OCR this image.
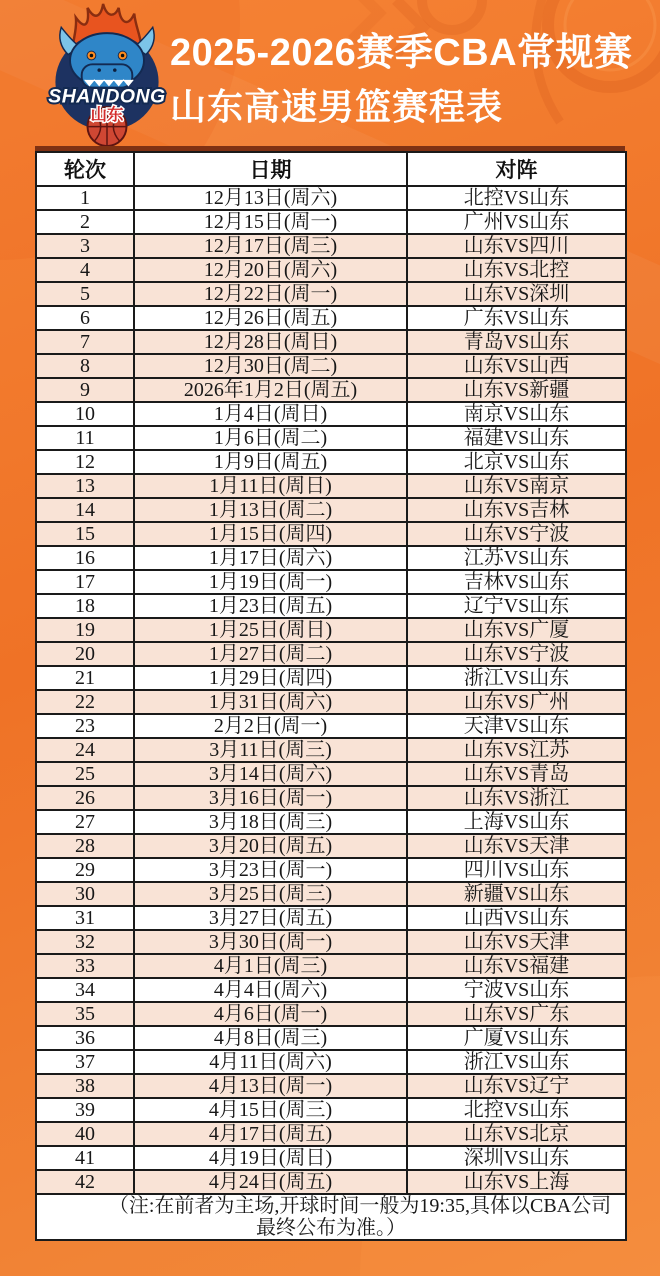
SHANDONG
山东
2025-2026赛季CBA常规赛
山东高速男篮赛程表
轮次	日期	对阵
1	12月13日(周六)	北控VS山东
2	12月15日(周一)	广州VS山东
3	12月17日(周三)	山东VS四川
4	12月20日(周六)	山东VS北控
5	12月22日(周一)	山东VS深圳
6	12月26日(周五)	广东VS山东
7	12月28日(周日)	青岛VS山东
8	12月30日(周二)	山东VS山西
9	2026年1月2日(周五)	山东VS新疆
10	1月4日(周日)	南京VS山东
11	1月6日(周二)	福建VS山东
12	1月9日(周五)	北京VS山东
13	1月11日(周日)	山东VS南京
14	1月13日(周二)	山东VS吉林
15	1月15日(周四)	山东VS宁波
16	1月17日(周六)	江苏VS山东
17	1月19日(周一)	吉林VS山东
18	1月23日(周五)	辽宁VS山东
19	1月25日(周日)	山东VS广厦
20	1月27日(周二)	山东VS宁波
21	1月29日(周四)	浙江VS山东
22	1月31日(周六)	山东VS广州
23	2月2日(周一)	天津VS山东
24	3月11日(周三)	山东VS江苏
25	3月14日(周六)	山东VS青岛
26	3月16日(周一)	山东VS浙江
27	3月18日(周三)	上海VS山东
28	3月20日(周五)	山东VS天津
29	3月23日(周一)	四川VS山东
30	3月25日(周三)	新疆VS山东
31	3月27日(周五)	山西VS山东
32	3月30日(周一)	山东VS天津
33	4月1日(周三)	山东VS福建
34	4月4日(周六)	宁波VS山东
35	4月6日(周一)	山东VS广东
36	4月8日(周三)	广厦VS山东
37	4月11日(周六)	浙江VS山东
38	4月13日(周一)	山东VS辽宁
39	4月15日(周三)	北控VS山东
40	4月17日(周五)	山东VS北京
41	4月19日(周日)	深圳VS山东
42	4月24日(周五)	山东VS上海

（注:在前者为主场,开球时间一般为19:35,具体以CBA公司
最终公布为准。）		
